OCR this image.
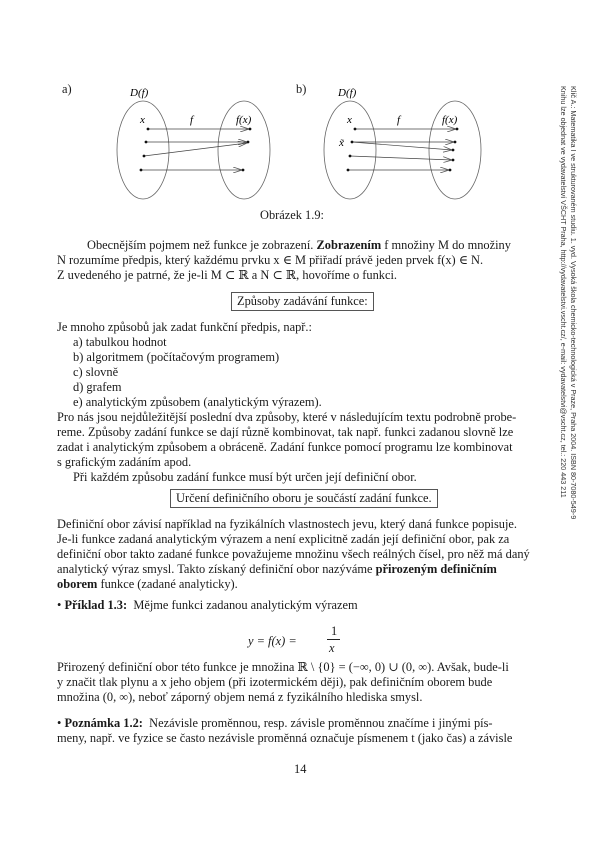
a)	b)
D(f)
x	f	f(x)
D(f)
x
x̃
f	f(x)
Obrázek 1.9:	Klíč A.: Matematika I ve strukturovaném studiu. 1. vyd. Vysoká škola chemicko-technologická v Praze, Praha 2004. ISBN 80-7080-549-9
Knihu lze objednat ve vydavatelství VŠCHT Praha, http://vydavatelstvi.vscht.cz/, e-mail: vydavatelstvi@vscht.cz, tel.: 220 443 211
Obecnějším pojmem než funkce je zobrazení. Zobrazením f množiny M do množiny
N rozumíme předpis, který každému prvku x ∈ M přiřadí právě jeden prvek f(x) ∈ N.
Z uvedeného je patrné, že je-li M ⊂ ℝ a N ⊂ ℝ, hovoříme o funkci.
Způsoby zadávání funkce:
Je mnoho způsobů jak zadat funkční předpis, např.:
a) tabulkou hodnot
b) algoritmem (počítačovým programem)
c) slovně
d) grafem
e) analytickým způsobem (analytickým výrazem).
Pro nás jsou nejdůležitější poslední dva způsoby, které v následujícím textu podrobně probe-
reme. Způsoby zadání funkce se dají různě kombinovat, tak např. funkci zadanou slovně lze
zadat i analytickým způsobem a obráceně. Zadání funkce pomocí programu lze kombinovat
s grafickým zadáním apod.
Při každém způsobu zadání funkce musí být určen její definiční obor.
Určení definičního oboru je součástí zadání funkce.
Definiční obor závisí například na fyzikálních vlastnostech jevu, který daná funkce popisuje.
Je-li funkce zadaná analytickým výrazem a není explicitně zadán její definiční obor, pak za
definiční obor takto zadané funkce považujeme množinu všech reálných čísel, pro něž má daný
analytický výraz smysl. Takto získaný definiční obor nazýváme přirozeným definičním
oborem funkce (zadané analyticky).
• Příklad 1.3: Mějme funkci zadanou analytickým výrazem
y = f(x) =
1
x
Přirozený definiční obor této funkce je množina ℝ \ {0} = (−∞, 0) ∪ (0, ∞). Avšak, bude-li
y značit tlak plynu a x jeho objem (při izotermickém ději), pak definičním oborem bude
množina (0, ∞), neboť záporný objem nemá z fyzikálního hlediska smysl.
• Poznámka 1.2: Nezávisle proměnnou, resp. závisle proměnnou značíme i jinými pís-
meny, např. ve fyzice se často nezávisle proměnná označuje písmenem t (jako čas) a závisle
14
